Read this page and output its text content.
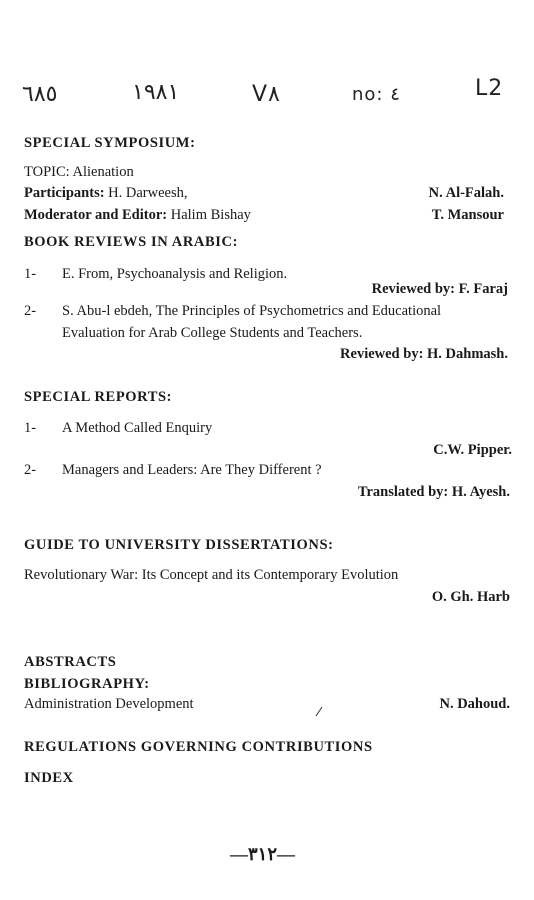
٦٨٥	١٩٨١	V٨	no: ٤	L2
SPECIAL SYMPOSIUM:
TOPIC: Alienation
Participants: H. Darweesh,	N. Al-Falah.
Moderator and Editor: Halim Bishay	T. Mansour
BOOK REVIEWS IN ARABIC:
1- E. From, Psychoanalysis and Religion.
Reviewed by: F. Faraj
2- S. Abu-l ebdeh, The Principles of Psychometrics and Educational
Evaluation for Arab College Students and Teachers.
Reviewed by: H. Dahmash.
SPECIAL REPORTS:
1- A Method Called Enquiry
C.W. Pipper.
2- Managers and Leaders: Are They Different ?
Translated by: H. Ayesh.
GUIDE TO UNIVERSITY DISSERTATIONS:
Revolutionary War: Its Concept and its Contemporary Evolution
O. Gh. Harb
ABSTRACTS
BIBLIOGRAPHY:
Administration Development	N. Dahoud.
REGULATIONS GOVERNING CONTRIBUTIONS
INDEX
—٣١٢—
